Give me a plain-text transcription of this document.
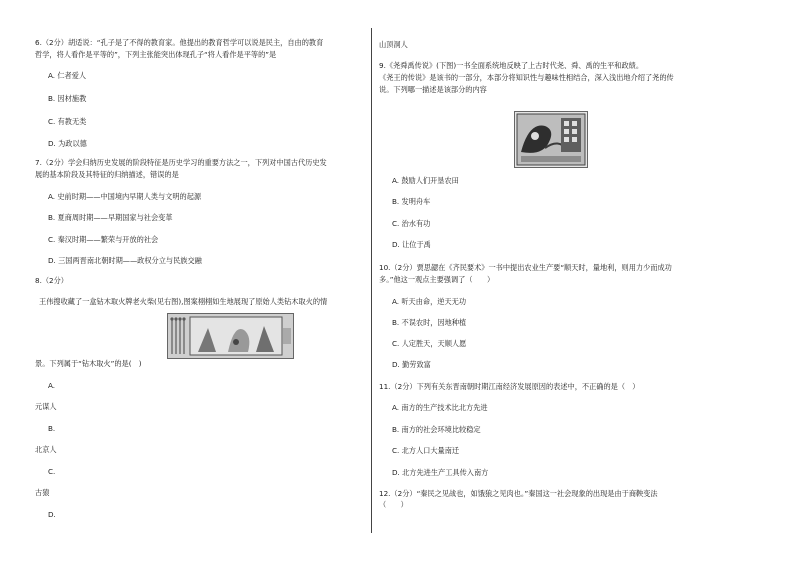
6.（2分）胡适说：“孔子是了不得的教育家。他提出的教育哲学可以说是民主，自由的教育
哲学，将人看作是平等的”，下列主张能突出体现孔子“将人看作是平等的”是
A. 仁者爱人
B. 因材施教
C. 有教无类
D. 为政以德
7.（2分）学会归纳历史发展的阶段特征是历史学习的重要方法之一，下列对中国古代历史发
展的基本阶段及其特征的归纳描述，错误的是
A. 史前时期——中国境内早期人类与文明的起源
B. 夏商周时期——早期国家与社会变革
C. 秦汉时期——繁荣与开放的社会
D. 三国两晋南北朝时期——政权分立与民族交融
8.（2分）
王伟搜收藏了一盒钻木取火牌老火柴(见右图),图案栩栩如生地展现了原始人类钻木取火的情
景。下列属于“钻木取火”的是(　)
A.
元谋人
B.
北京人
C.
古猿
D.
山顶洞人
9.《尧舜禹传说》(下图)一书全面系统地反映了上古时代尧、舜、禹的生平和政绩。
《尧王的传说》是该书的一部分，本部分将知识性与趣味性相结合，深入浅出地介绍了尧的传
说。下列哪一描述是该部分的内容
A. 鼓励人们开垦农田
B. 发明舟车
C. 治水有功
D. 让位于禹
10.（2分）贾思勰在《齐民要术》一书中提出农业生产要“顺天时，量地利，则用力少而成功
多。”他这一观点主要强调了（　　）
A. 听天由命，逆天无功
B. 不误农时，因地种植
C. 人定胜天，天顺人愿
D. 勤劳致富
11.（2分）下列有关东晋南朝时期江南经济发展原因的表述中，不正确的是（　）
A. 南方的生产技术比北方先进
B. 南方的社会环境比较稳定
C. 北方人口大量南迁
D. 北方先进生产工具传入南方
12.（2分）“秦民之见战也，如饿狼之见肉也。”秦国这一社会现象的出现是由于商鞅变法
（　　）
